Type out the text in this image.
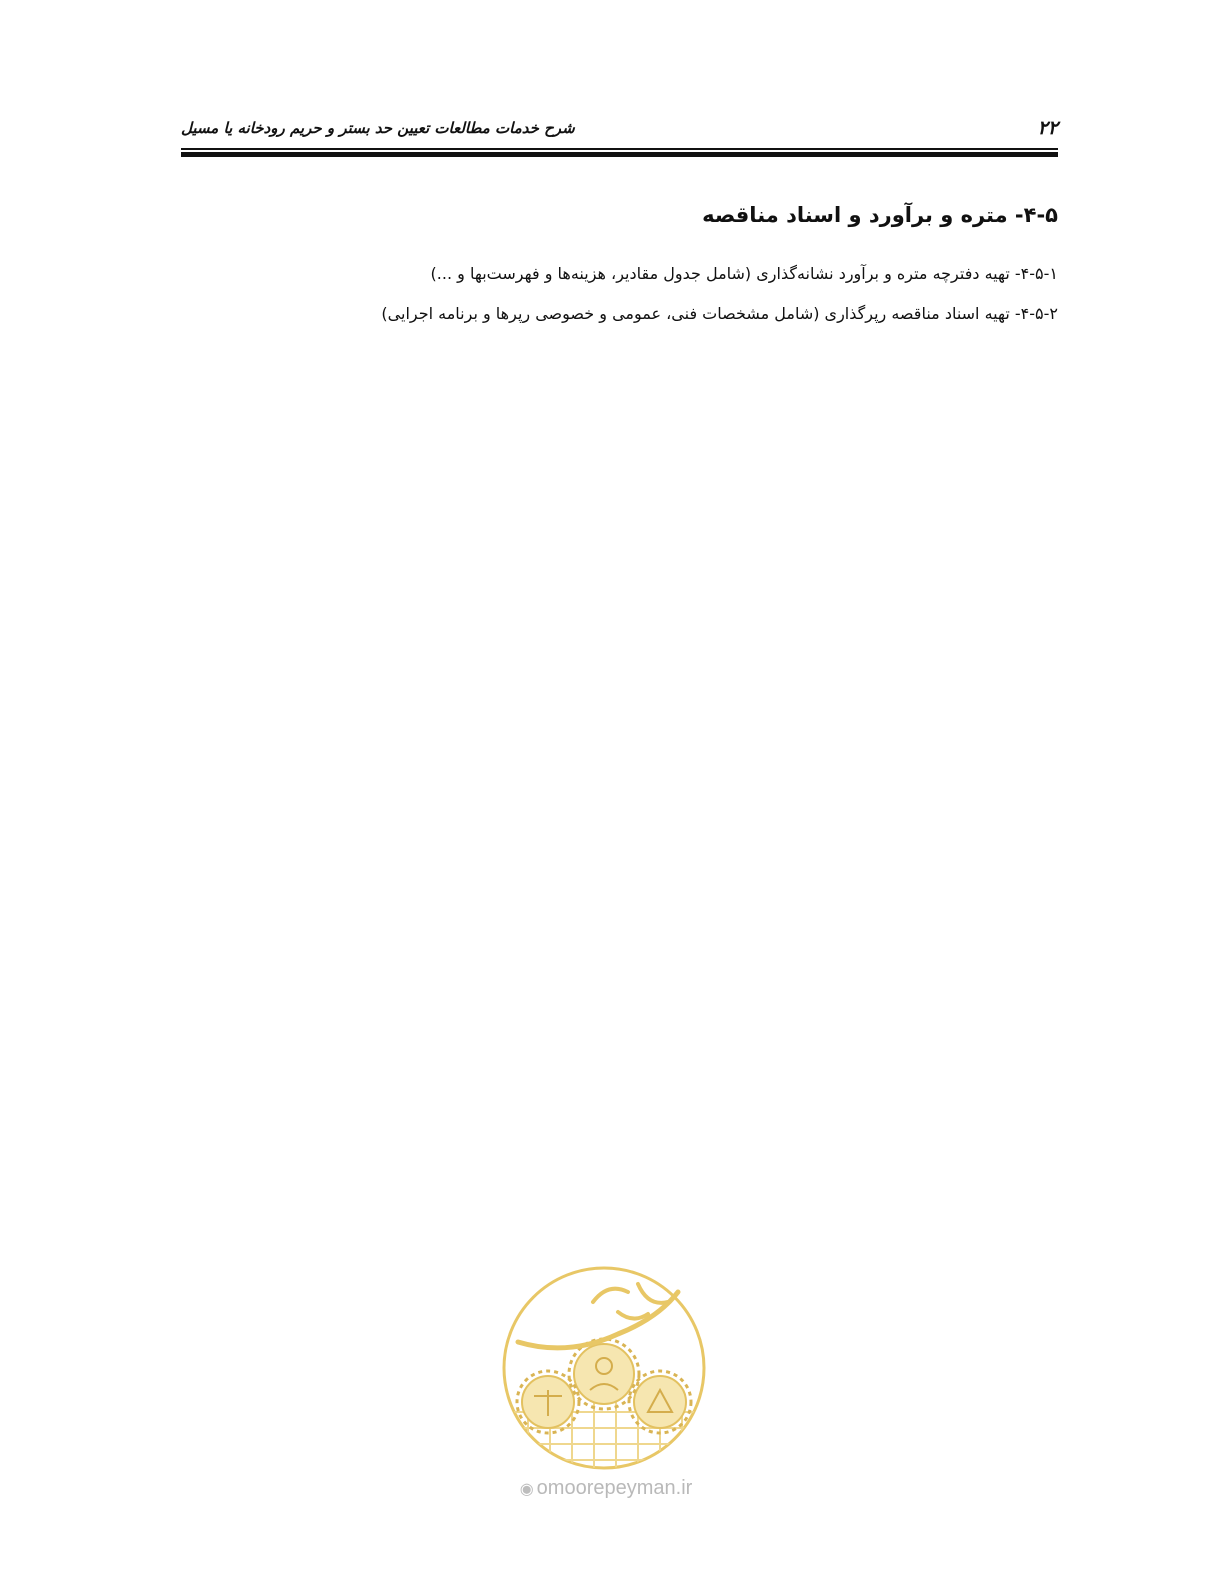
شرح خدمات مطالعات تعیین حد بستر و حریم رودخانه یا مسیل	۲۲
۴-۵- متره و برآورد و اسناد مناقصه
۴-۵-۱- تهیه دفترچه متره و برآورد نشانه‌گذاری (شامل جدول مقادیر، هزینه‌ها و فهرست‌بها و ...)
۴-۵-۲- تهیه اسناد مناقصه رپرگذاری (شامل مشخصات فنی، عمومی و خصوصی رپرها و برنامه اجرایی)
◉ omoorepeyman.ir
